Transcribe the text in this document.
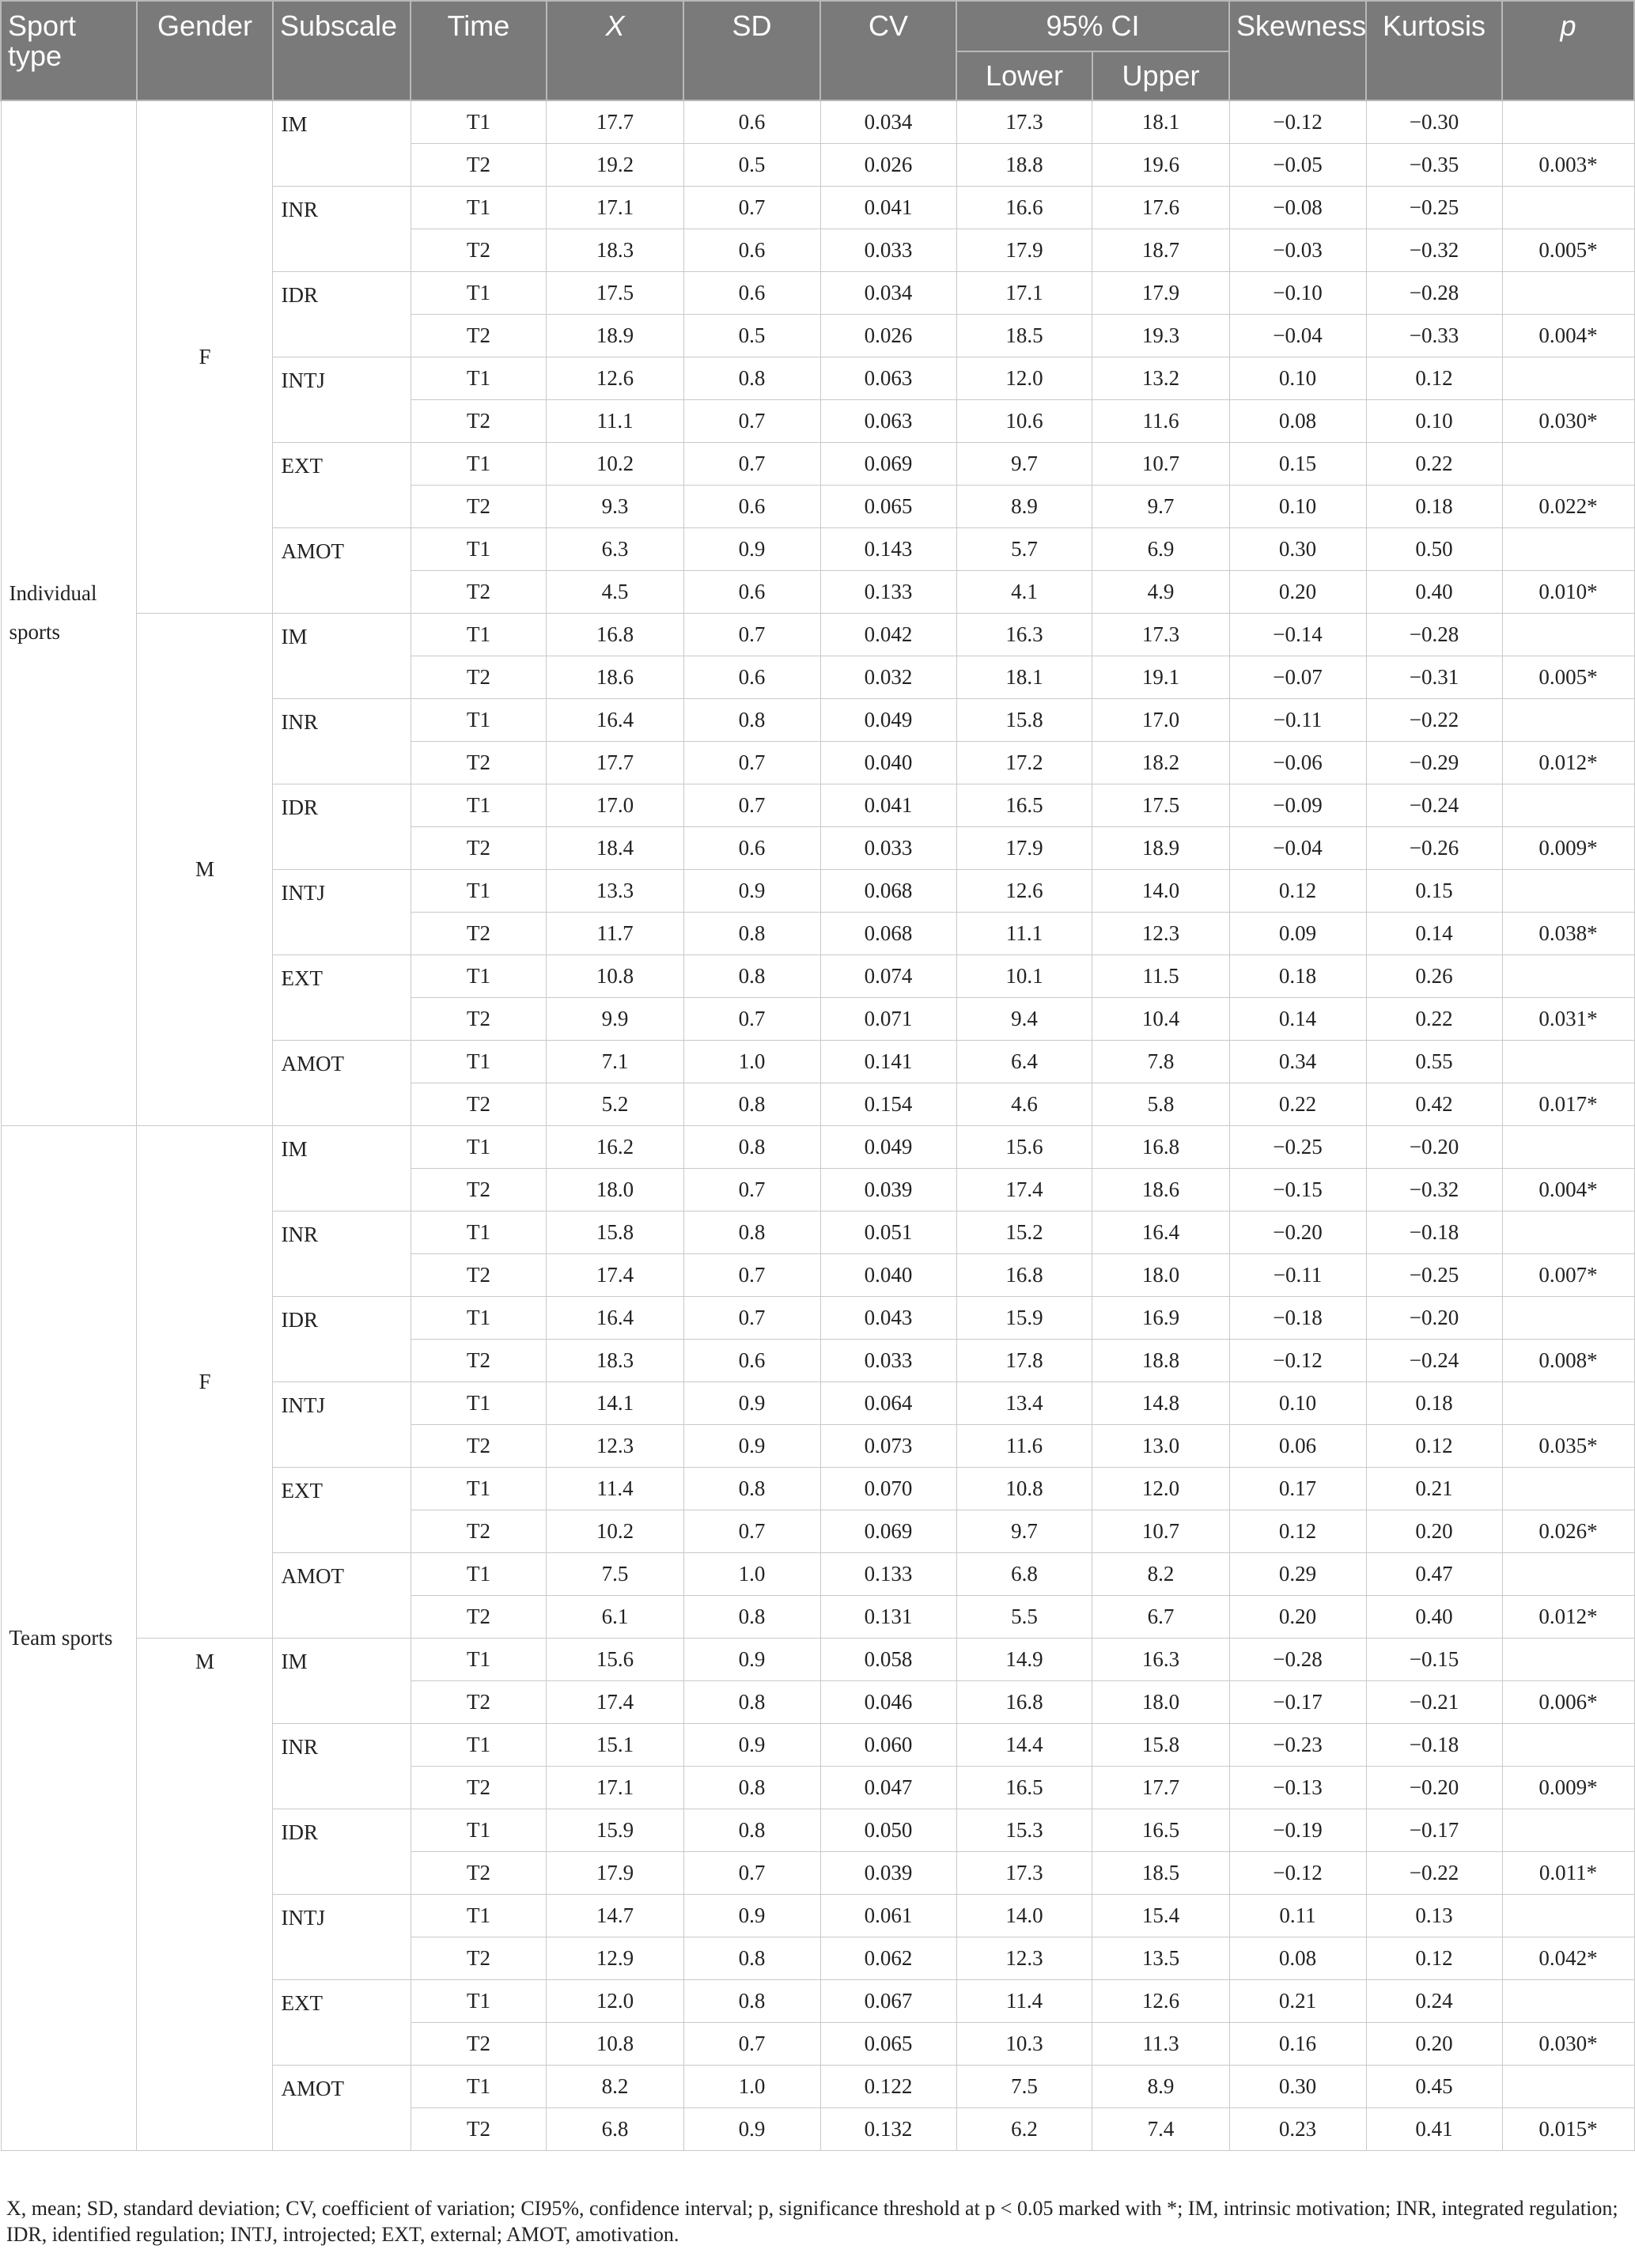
Sport type	Gender	Subscale	Time	X	SD	CV	95% CI		Skewness	Kurtosis	p
							Lower	Upper			
Individual sports	F	IM	T1	17.7	0.6	0.034	17.3	18.1	−0.12	−0.30	
			T2	19.2	0.5	0.026	18.8	19.6	−0.05	−0.35	0.003*
		INR	T1	17.1	0.7	0.041	16.6	17.6	−0.08	−0.25	
			T2	18.3	0.6	0.033	17.9	18.7	−0.03	−0.32	0.005*
		IDR	T1	17.5	0.6	0.034	17.1	17.9	−0.10	−0.28	
			T2	18.9	0.5	0.026	18.5	19.3	−0.04	−0.33	0.004*
		INTJ	T1	12.6	0.8	0.063	12.0	13.2	0.10	0.12	
			T2	11.1	0.7	0.063	10.6	11.6	0.08	0.10	0.030*
		EXT	T1	10.2	0.7	0.069	9.7	10.7	0.15	0.22	
			T2	9.3	0.6	0.065	8.9	9.7	0.10	0.18	0.022*
		AMOT	T1	6.3	0.9	0.143	5.7	6.9	0.30	0.50	
			T2	4.5	0.6	0.133	4.1	4.9	0.20	0.40	0.010*
	M	IM	T1	16.8	0.7	0.042	16.3	17.3	−0.14	−0.28	
			T2	18.6	0.6	0.032	18.1	19.1	−0.07	−0.31	0.005*
		INR	T1	16.4	0.8	0.049	15.8	17.0	−0.11	−0.22	
			T2	17.7	0.7	0.040	17.2	18.2	−0.06	−0.29	0.012*
		IDR	T1	17.0	0.7	0.041	16.5	17.5	−0.09	−0.24	
			T2	18.4	0.6	0.033	17.9	18.9	−0.04	−0.26	0.009*
		INTJ	T1	13.3	0.9	0.068	12.6	14.0	0.12	0.15	
			T2	11.7	0.8	0.068	11.1	12.3	0.09	0.14	0.038*
		EXT	T1	10.8	0.8	0.074	10.1	11.5	0.18	0.26	
			T2	9.9	0.7	0.071	9.4	10.4	0.14	0.22	0.031*
		AMOT	T1	7.1	1.0	0.141	6.4	7.8	0.34	0.55	
			T2	5.2	0.8	0.154	4.6	5.8	0.22	0.42	0.017*
Team sports	F	IM	T1	16.2	0.8	0.049	15.6	16.8	−0.25	−0.20	
			T2	18.0	0.7	0.039	17.4	18.6	−0.15	−0.32	0.004*
		INR	T1	15.8	0.8	0.051	15.2	16.4	−0.20	−0.18	
			T2	17.4	0.7	0.040	16.8	18.0	−0.11	−0.25	0.007*
		IDR	T1	16.4	0.7	0.043	15.9	16.9	−0.18	−0.20	
			T2	18.3	0.6	0.033	17.8	18.8	−0.12	−0.24	0.008*
		INTJ	T1	14.1	0.9	0.064	13.4	14.8	0.10	0.18	
			T2	12.3	0.9	0.073	11.6	13.0	0.06	0.12	0.035*
		EXT	T1	11.4	0.8	0.070	10.8	12.0	0.17	0.21	
			T2	10.2	0.7	0.069	9.7	10.7	0.12	0.20	0.026*
		AMOT	T1	7.5	1.0	0.133	6.8	8.2	0.29	0.47	
			T2	6.1	0.8	0.131	5.5	6.7	0.20	0.40	0.012*
	M	IM	T1	15.6	0.9	0.058	14.9	16.3	−0.28	−0.15	
			T2	17.4	0.8	0.046	16.8	18.0	−0.17	−0.21	0.006*
		INR	T1	15.1	0.9	0.060	14.4	15.8	−0.23	−0.18	
			T2	17.1	0.8	0.047	16.5	17.7	−0.13	−0.20	0.009*
		IDR	T1	15.9	0.8	0.050	15.3	16.5	−0.19	−0.17	
			T2	17.9	0.7	0.039	17.3	18.5	−0.12	−0.22	0.011*
		INTJ	T1	14.7	0.9	0.061	14.0	15.4	0.11	0.13	
			T2	12.9	0.8	0.062	12.3	13.5	0.08	0.12	0.042*
		EXT	T1	12.0	0.8	0.067	11.4	12.6	0.21	0.24	
			T2	10.8	0.7	0.065	10.3	11.3	0.16	0.20	0.030*
		AMOT	T1	8.2	1.0	0.122	7.5	8.9	0.30	0.45	
			T2	6.8	0.9	0.132	6.2	7.4	0.23	0.41	0.015*
X, mean; SD, standard deviation; CV, coefficient of variation; CI95%, confidence interval; p, significance threshold at p < 0.05 marked with *; IM, intrinsic motivation; INR, integrated regulation; IDR, identified regulation; INTJ, introjected; EXT, external; AMOT, amotivation.
